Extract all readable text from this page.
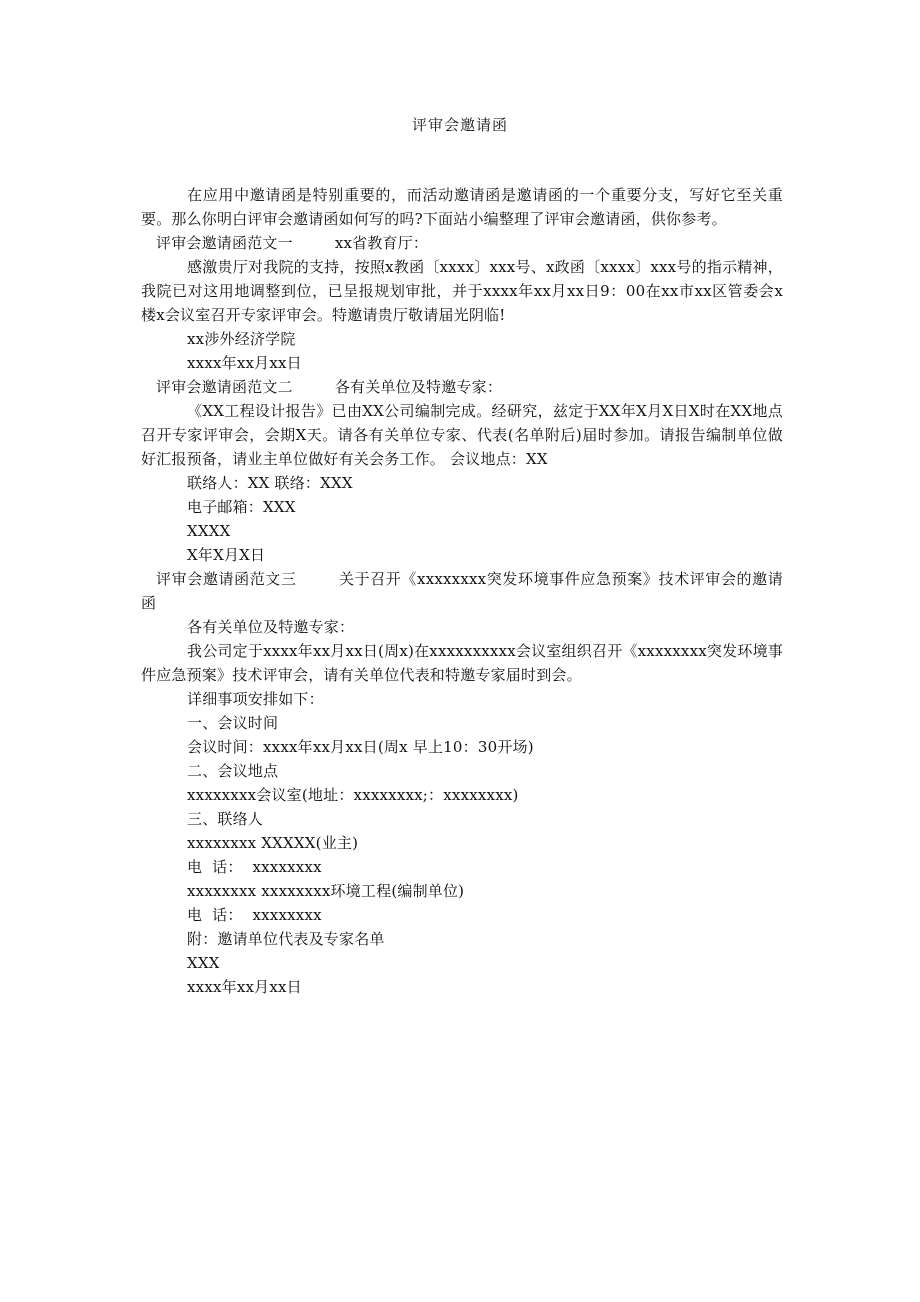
评审会邀请函

在应用中邀请函是特别重要的，而活动邀请函是邀请函的一个重要分支，写好它至关重要。那么你明白评审会邀请函如何写的吗?下面站小编整理了评审会邀请函，供你参考。

评审会邀请函范文一	xx省教育厅：

感激贵厅对我院的支持，按照x教函〔xxxx〕xxx号、x政函〔xxxx〕xxx号的指示精神，我院已对这用地调整到位，已呈报规划审批，并于xxxx年xx月xx日9：00在xx市xx区管委会x楼x会议室召开专家评审会。特邀请贵厅敬请届光阴临!

xx涉外经济学院

xxxx年xx月xx日

评审会邀请函范文二	各有关单位及特邀专家：

《XX工程设计报告》已由XX公司编制完成。经研究，兹定于XX年X月X日X时在XX地点召开专家评审会，会期X天。请各有关单位专家、代表(名单附后)届时参加。请报告编制单位做好汇报预备，请业主单位做好有关会务工作。 会议地点：XX

联络人：XX 联络：XXX

电子邮箱：XXX

XXXX

X年X月X日

评审会邀请函范文三	关于召开《xxxxxxxx突发环境事件应急预案》技术评审会的邀请函

各有关单位及特邀专家：

我公司定于xxxx年xx月xx日(周x)在xxxxxxxxxx会议室组织召开《xxxxxxxx突发环境事件应急预案》技术评审会，请有关单位代表和特邀专家届时到会。

详细事项安排如下：

一、会议时间

会议时间：xxxx年xx月xx日(周x 早上10：30开场)

二、会议地点

xxxxxxxx会议室(地址：xxxxxxxx;：xxxxxxxx)

三、联络人

xxxxxxxx XXXXX(业主)

电  话：  xxxxxxxx

xxxxxxxx xxxxxxxx环境工程(编制单位)

电  话：  xxxxxxxx

附：邀请单位代表及专家名单

XXX

xxxx年xx月xx日
